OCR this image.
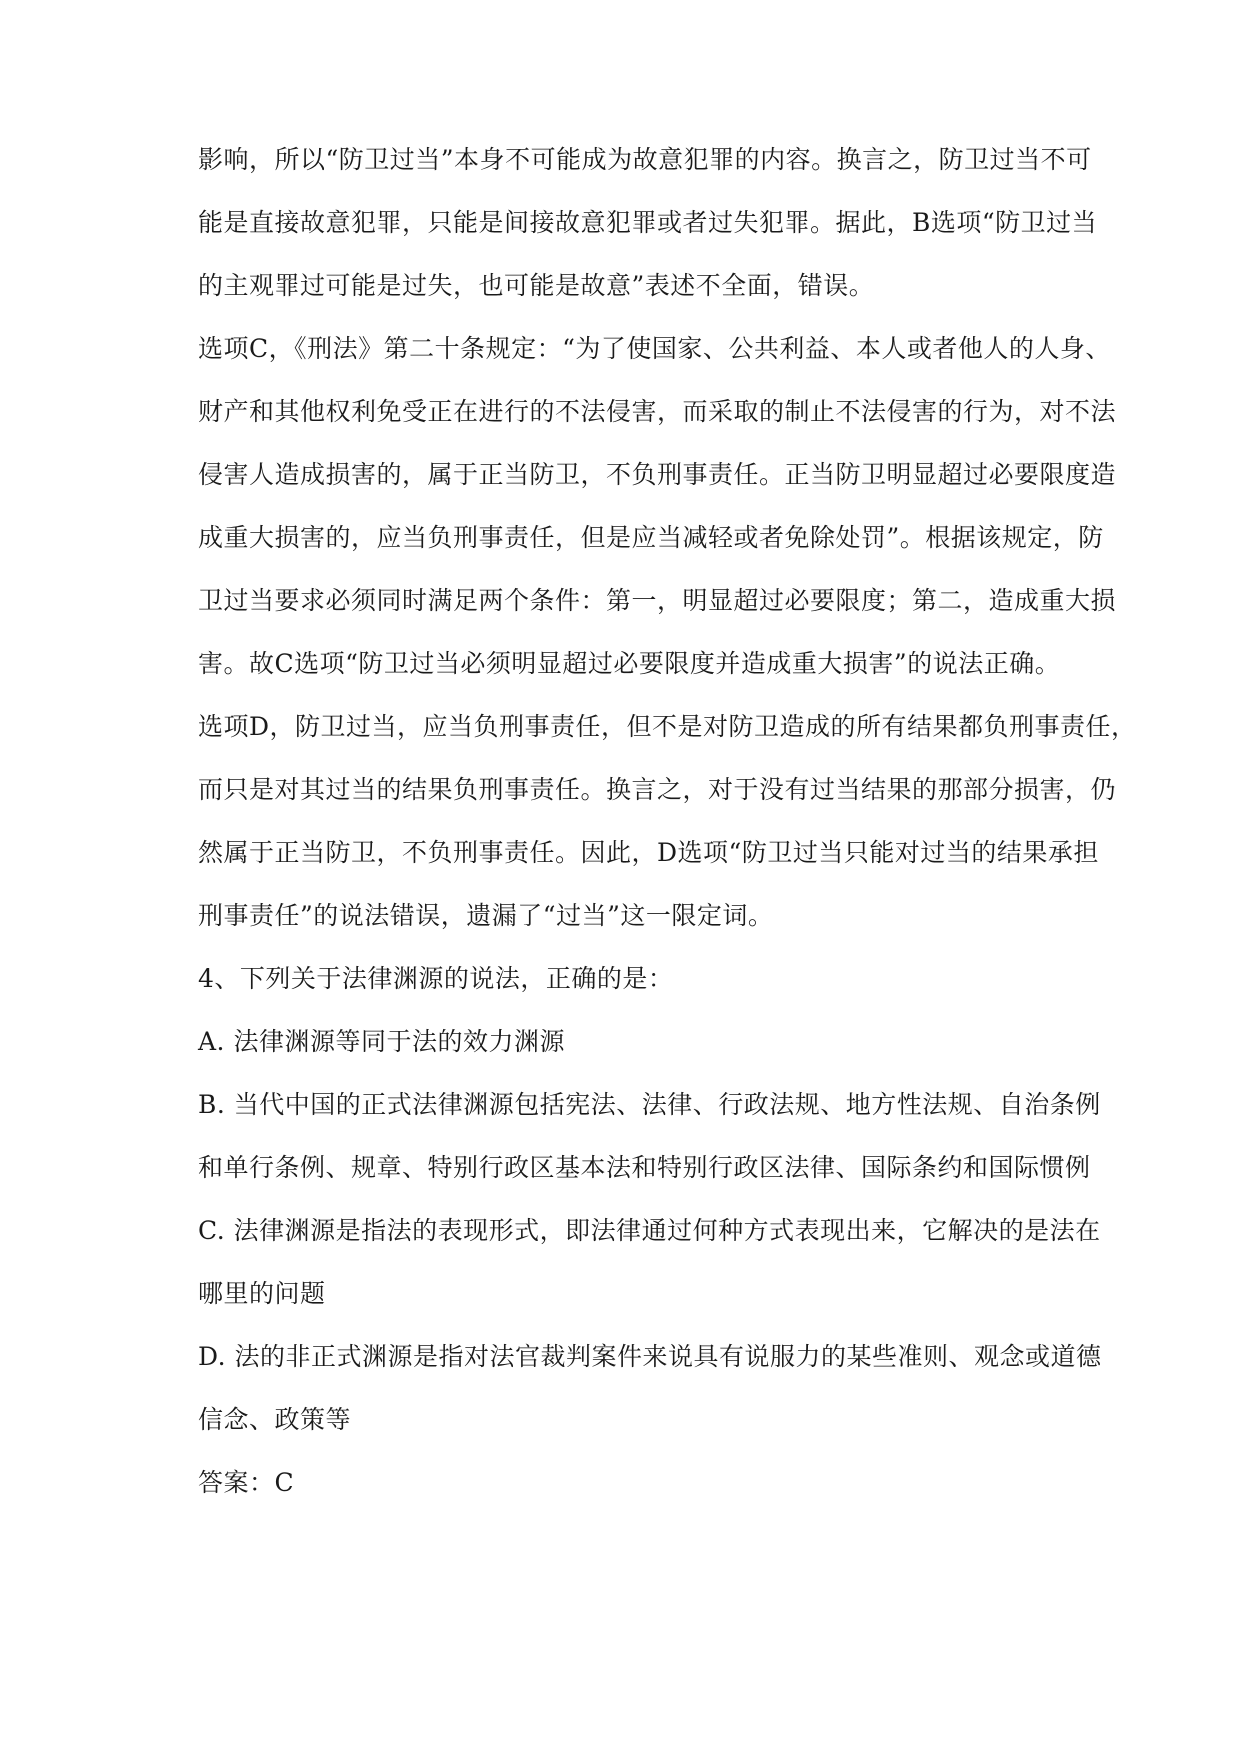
影响，所以“防卫过当”本身不可能成为故意犯罪的内容。换言之，防卫过当不可
能是直接故意犯罪，只能是间接故意犯罪或者过失犯罪。据此，B选项“防卫过当
的主观罪过可能是过失，也可能是故意”表述不全面，错误。
选项C，《刑法》第二十条规定：“为了使国家、公共利益、本人或者他人的人身、
财产和其他权利免受正在进行的不法侵害，而采取的制止不法侵害的行为，对不法
侵害人造成损害的，属于正当防卫，不负刑事责任。正当防卫明显超过必要限度造
成重大损害的，应当负刑事责任，但是应当减轻或者免除处罚”。根据该规定，防
卫过当要求必须同时满足两个条件：第一，明显超过必要限度；第二，造成重大损
害。故C选项“防卫过当必须明显超过必要限度并造成重大损害”的说法正确。
选项D，防卫过当，应当负刑事责任，但不是对防卫造成的所有结果都负刑事责任，
而只是对其过当的结果负刑事责任。换言之，对于没有过当结果的那部分损害，仍
然属于正当防卫，不负刑事责任。因此，D选项“防卫过当只能对过当的结果承担
刑事责任”的说法错误，遗漏了“过当”这一限定词。
4、下列关于法律渊源的说法，正确的是：
A. 法律渊源等同于法的效力渊源
B. 当代中国的正式法律渊源包括宪法、法律、行政法规、地方性法规、自治条例
和单行条例、规章、特别行政区基本法和特别行政区法律、国际条约和国际惯例
C. 法律渊源是指法的表现形式，即法律通过何种方式表现出来，它解决的是法在
哪里的问题
D. 法的非正式渊源是指对法官裁判案件来说具有说服力的某些准则、观念或道德
信念、政策等
答案：C
